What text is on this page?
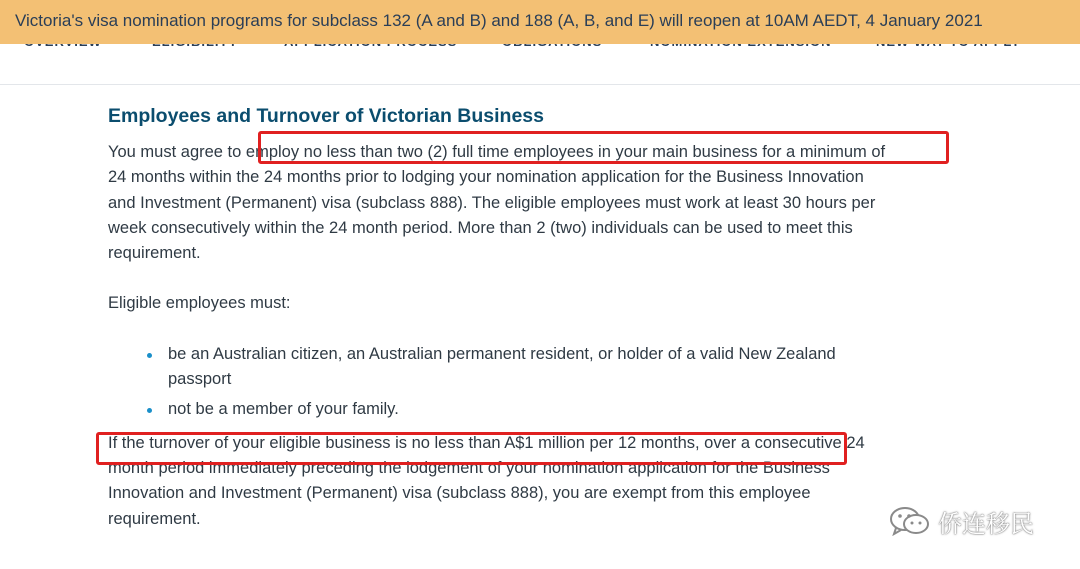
Victoria's visa nomination programs for subclass 132 (A and B) and 188 (A, B, and E) will reopen at 10AM AEDT, 4 January 2021
Employees and Turnover of Victorian Business

You must agree to employ no less than two (2) full time employees in your main business for a minimum of 24 months within the 24 months prior to lodging your nomination application for the Business Innovation and Investment (Permanent) visa (subclass 888). The eligible employees must work at least 30 hours per week consecutively within the 24 month period. More than 2 (two) individuals can be used to meet this requirement.

Eligible employees must:

be an Australian citizen, an Australian permanent resident, or holder of a valid New Zealand passport
not be a member of your family.

If the turnover of your eligible business is no less than A$1 million per 12 months, over a consecutive 24 month period immediately preceding the lodgement of your nomination application for the Business Innovation and Investment (Permanent) visa (subclass 888), you are exempt from this employee requirement.	侨连移民
